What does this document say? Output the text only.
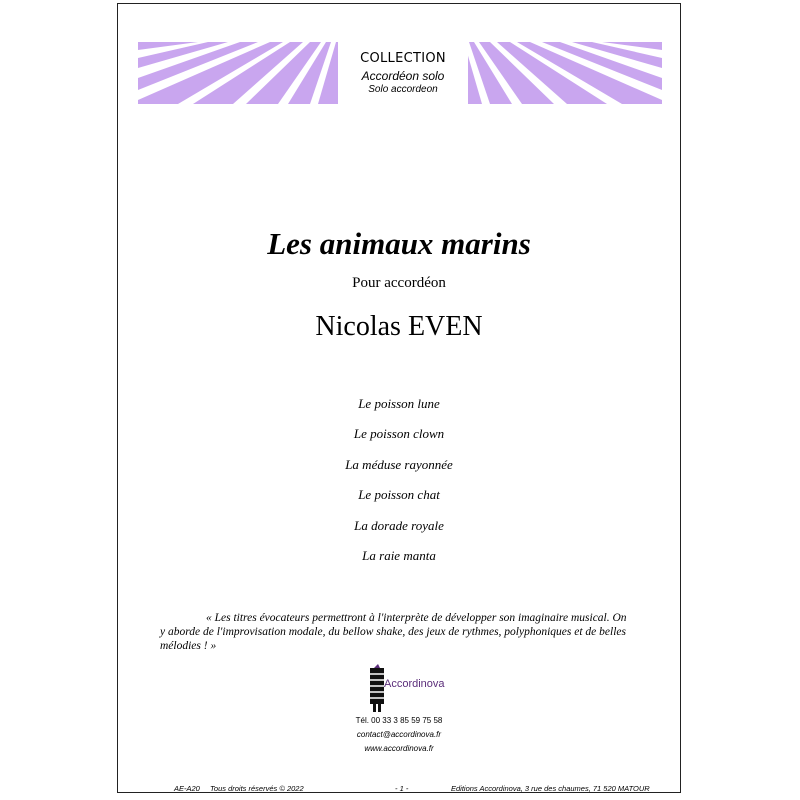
COLLECTION
Accordéon solo
Solo accordeon
Les animaux marins
Pour accordéon
Nicolas EVEN
Le poisson lune
Le poisson clown
La méduse rayonnée
Le poisson chat
La dorade royale
La raie manta
« Les titres évocateurs permettront à l'interprète de développer son imaginaire musical. On y aborde de l'improvisation modale, du bellow shake, des jeux de rythmes, polyphoniques et de belles mélodies ! »
Accordinova
Tél. 00 33 3 85 59 75 58
contact@accordinova.fr
www.accordinova.fr
AE-A20 Tous droits réservés © 2022	- 1 -	Editions Accordinova, 3 rue des chaumes, 71 520 MATOUR
